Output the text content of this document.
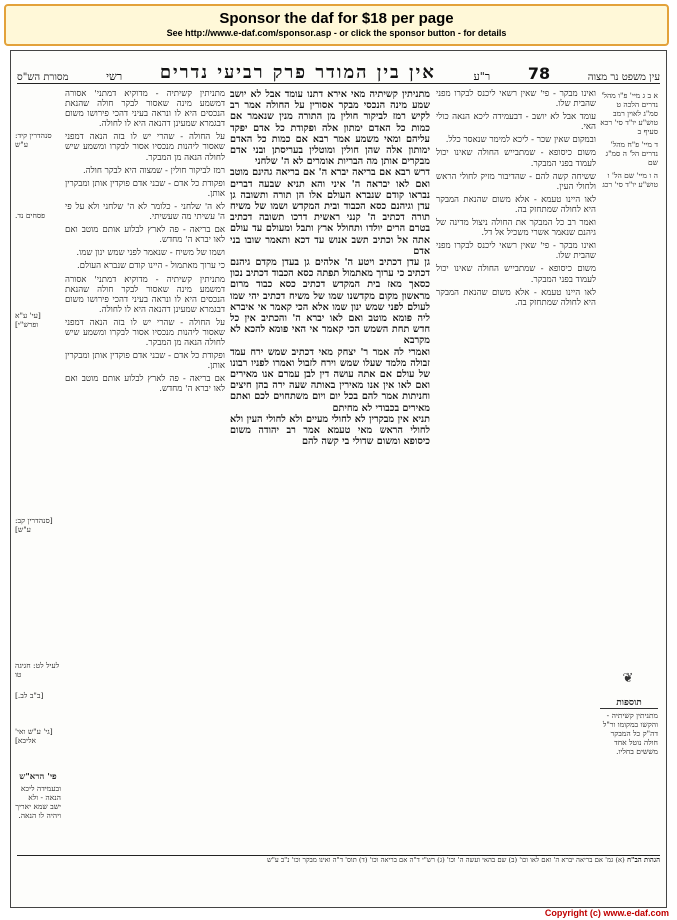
Sponsor the daf for $18 per page
See http://www.e-daf.com/sponsor.asp - or click the sponsor button - for details
עין משפט נר מצוה
78
ר"ע
אין בין המודר פרק רביעי נדרים
רשי
מסורת הש"ס

א ב ג מיי' פ"ו מהל' נדרים הלכה ט סמ"ג לאוין רמב טוש"ע יו"ד סי' רכא סעיף ב

ד מיי' פ"ח מהל' נדרים הל' ה סמ"ג שם

ה ו מיי' שם הל' ו טוש"ע יו"ד סי' רכג

ואינו מבקר - פי' שאין רשאי ליכנס לבקרו מפני שהבית שלו.

עומד אבל לא יושב - דבעמידה ליכא הנאה כולי האי.

ובמקום שאין שכר - ליכא למימר שנאסר כלל.

משום כיסופא - שמתבייש החולה שאינו יכול לעמוד בפני המבקר.

ששיחה קשה להם - שהדיבור מזיק לחולי הראש ולחולי העין.

לאו היינו טעמא - אלא משום שהנאת המבקר היא לחולה שמתחזק בה.

ואמר רב כל המבקר את החולה ניצול מדינה של גיהנם שנאמר אשרי משכיל אל דל.

ואינו מבקר - פי' שאין רשאי ליכנס לבקרו מפני שהבית שלו.

משום כיסופא - שמתבייש החולה שאינו יכול לעמוד בפני המבקר.

לאו היינו טעמא - אלא משום שהנאת המבקר היא לחולה שמתחזק בה.

מתניתין קשיתיה מאי אירא דתנו עומד אבל לא יושב שמע מינה הנכסי מבקר אסורין על החולה אמר רב לקיש רמז לביקור חולין מן התורה מנין שנאמר אם כמות כל האדם ימתון אלה ופקודת כל אדם יפקד עליהם ומאי משמע אמר רבא אם כמות כל האדם ימותון אלה שהן חולין ומוטלין בעריסתן ובני אדם מבקרים אותן מה הבריות אומרים לא ה' שלחני

דרש רבא אם בריאה יברא ה' אם בריאה גהינם מוטב ואם לאו יבראה ה' איני והא תניא שבעה דברים נבראו קודם שנברא העולם אלו הן תורה ותשובה גן עדן וגיהנם כסא הכבוד ובית המקדש ושמו של משיח תורה דכתיב ה' קנני ראשית דרכו תשובה דכתיב בטרם הרים יולדו ותחולל ארץ ותבל ומעולם עד עולם אתה אל וכתיב תשב אנוש עד דכא ותאמר שובו בני אדם

גן עדן דכתיב ויטע ה' אלהים גן בעדן מקדם גיהנם דכתיב כי ערוך מאתמול תפתה כסא הכבוד דכתיב נכון כסאך מאז בית המקדש דכתיב כסא כבוד מרום מראשון מקום מקדשנו שמו של משיח דכתיב יהי שמו לעולם לפני שמש ינון שמו אלא הכי קאמר אי איברא ליה פומא מוטב ואם לאו יברא ה' והכתיב אין כל חדש תחת השמש הכי קאמר אי האי פומא להכא לא מקרבא

ואמרי לה אמר ר' יצחק מאי דכתיב שמש ירח עמד זבולה מלמד שעלו שמש וירח לזבול ואמרו לפניו רבונו של עולם אם אתה עושה דין לבן עמרם אנו מאירים ואם לאו אין אנו מאירין באותה שעה ירה בהן חיצים וחניתות אמר להם בכל יום ויום משתחוים לכם ואתם מאירים בכבודי לא מחיתם

תניא אין מבקרין לא לחולי מעיים ולא לחולי העין ולא לחולי הראש מאי טעמא אמר רב יהודה משום כיסופא ומשום שדולי בי קשה להם

מתניתין קשיתיה - מדוקיא דמתני' אסורה דמשמע מינה שאסור לבקר חולה שהנאת הנכסים היא לו ונראה בעיני דהכי פירושו משום דבגמרא שמעינן דהנאה היא לו לחולה.

על החולה - שהרי יש לו בזה הנאה דמפני שאסור ליהנות מנכסיו אסור לבקרו ומשמע שיש לחולה הנאה מן המבקר.

רמז לביקור חולין - שמצוה היא לבקר חולה.

ופקודת כל אדם - שבני אדם פוקדין אותן ומבקרין אותן.

לא ה' שלחני - כלומר לא ה' שלחני ולא על פי ה' עשיתי מה שעשיתי.

אם בריאה - פה לארץ לבלוע אותם מוטב ואם לאו יברא ה' מחדש.

ושמו של משיח - שנאמר לפני שמש ינון שמו.

כי ערוך מאתמול - היינו קודם שנברא העולם.

מתניתין קשיתיה - מדוקיא דמתני' אסורה דמשמע מינה שאסור לבקר חולה שהנאת הנכסים היא לו ונראה בעיני דהכי פירושו משום דבגמרא שמעינן דהנאה היא לו לחולה.

על החולה - שהרי יש לו בזה הנאה דמפני שאסור ליהנות מנכסיו אסור לבקרו ומשמע שיש לחולה הנאה מן המבקר.

ופקודת כל אדם - שבני אדם פוקדין אותן ומבקרין אותן.

אם בריאה - פה לארץ לבלוע אותם מוטב ואם לאו יברא ה' מחדש.

סנהדרין קיד: ע"ש
פסחים נד.
[עי' ע"א ופרש"י]
[סנהדרין קב: ע"ש]
לעיל לט: חגיגה טו
[ב"ב לב.]
[גי' ע"ש ואי' אליבא]
❦
תוספות
מתניתין קשיתיה - והקשו במקומו ור"ל דה"ק כל המבקר חולה נוטל אחד מששים בחליו.
פי' הרא"ש
ובעמידה ליכא הנאה - ולא ישב שמא יאריך ויהיה לו הנאה.
הגהות הב"ח (א) גמ' אם בריאה יברא ה' ואם לאו וכו' (ב) שם בהאי ועשה ה' וכו' (ג) רש"י ד"ה אם בריאה וכו' (ד) תוס' ד"ה ואינו מבקר וכו' נ"ב ע"ש
Copyright (c) www.e-daf.com
